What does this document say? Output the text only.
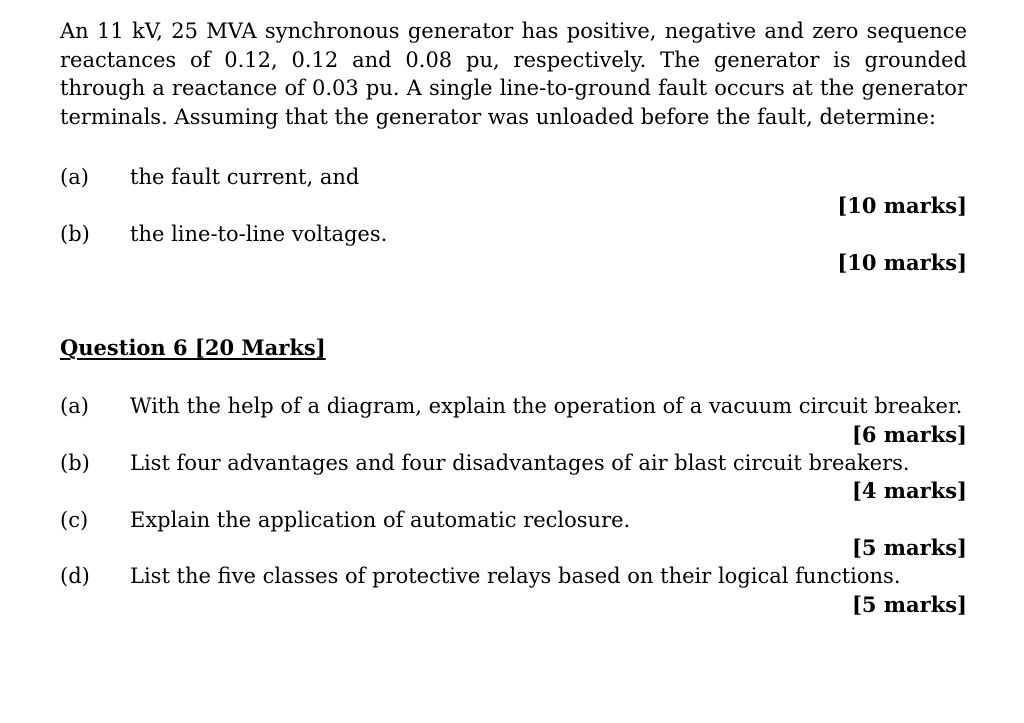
An 11 kV, 25 MVA synchronous generator has positive, negative and zero sequence reactances of 0.12, 0.12 and 0.08 pu, respectively. The generator is grounded through a reactance of 0.03 pu. A single line-to-ground fault occurs at the generator terminals. Assuming that the generator was unloaded before the fault, determine:

(a) the fault current, and
[10 marks]
(b) the line-to-line voltages.
[10 marks]
Question 6 [20 Marks]
(a) With the help of a diagram, explain the operation of a vacuum circuit breaker.
[6 marks]
(b) List four advantages and four disadvantages of air blast circuit breakers.
[4 marks]
(c) Explain the application of automatic reclosure.
[5 marks]
(d) List the five classes of protective relays based on their logical functions.
[5 marks]
